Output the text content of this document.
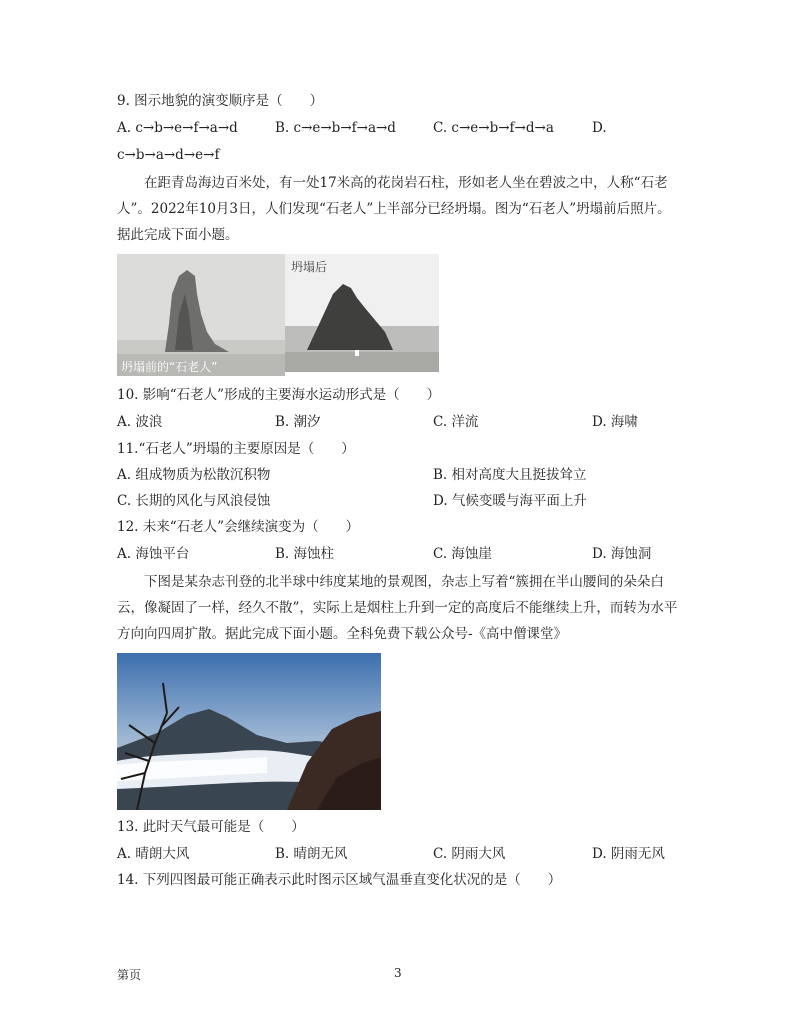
9. 图示地貌的演变顺序是（　　）
A. c→b→e→f→a→d	B. c→e→b→f→a→d	C. c→e→b→f→d→a	D.
c→b→a→d→e→f
在距青岛海边百米处，有一处17米高的花岗岩石柱，形如老人坐在碧波之中，人称“石老人”。2022年10月3日，人们发现“石老人”上半部分已经坍塌。图为“石老人”坍塌前后照片。据此完成下面小题。
坍塌前的“石老人”
坍塌后
10. 影响“石老人”形成的主要海水运动形式是（　　）
A. 波浪	B. 潮汐	C. 洋流	D. 海啸
11.“石老人”坍塌的主要原因是（　　）
A. 组成物质为松散沉积物	B. 相对高度大且挺拔耸立
C. 长期的风化与风浪侵蚀	D. 气候变暖与海平面上升
12. 未来“石老人”会继续演变为（　　）
A. 海蚀平台	B. 海蚀柱	C. 海蚀崖	D. 海蚀洞
下图是某杂志刊登的北半球中纬度某地的景观图，杂志上写着“簇拥在半山腰间的朵朵白云，像凝固了一样，经久不散”，实际上是烟柱上升到一定的高度后不能继续上升，而转为水平方向向四周扩散。据此完成下面小题。全科免费下载公众号-《高中僧课堂》
13. 此时天气最可能是（　　）
A. 晴朗大风	B. 晴朗无风	C. 阴雨大风	D. 阴雨无风
14. 下列四图最可能正确表示此时图示区域气温垂直变化状况的是（　　）
第页	3
